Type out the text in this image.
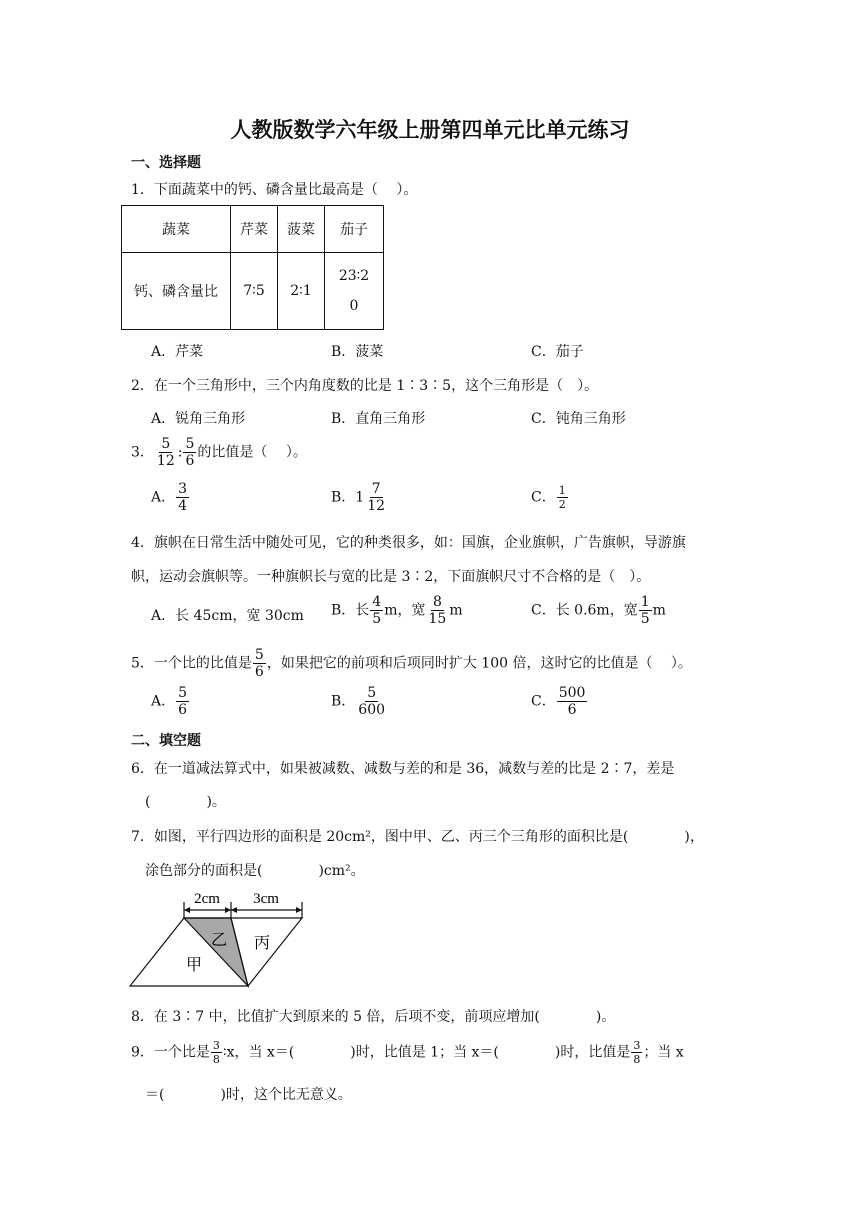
人教版数学六年级上册第四单元比单元练习
一、选择题
1．下面蔬菜中的钙、磷含量比最高是（　 ）。
蔬菜	芹菜	菠菜	茄子
钙、磷含量比	7∶5	2∶1	23∶2
0
A．芹菜	B．菠菜	C．茄子
2．在一个三角形中，三个内角度数的比是 1∶3∶5，这个三角形是（　）。
A．锐角三角形	B．直角三角形	C．钝角三角形
3． $\frac{5}{12}$ : $\frac{5}{6}$ 的比值是（　 ）。
A． $\frac{3}{4}$	B．$1 \frac{7}{12}$	C． $\frac{1}{2}$
4．旗帜在日常生活中随处可见，它的种类很多，如：国旗，企业旗帜，广告旗帜，导游旗
帜，运动会旗帜等。一种旗帜长与宽的比是 3∶2，下面旗帜尺寸不合格的是（　）。
A．长 45cm，宽 30cm B．长 $\frac{4}{5}$ m，宽 $\frac{8}{15}$ m	C．长 0.6m，宽 $\frac{1}{5}$ m
5．一个比的比值是 $\frac{5}{6}$ ，如果把它的前项和后项同时扩大 100 倍，这时它的比值是（　 ）。
A． $\frac{5}{6}$	B． $\frac{5}{600}$	C． $\frac{500}{6}$
二、填空题
6．在一道减法算式中，如果被减数、减数与差的和是 36，减数与差的比是 2∶7，差是
(　　　　)。
7．如图，平行四边形的面积是 20cm²，图中甲、乙、丙三个三角形的面积比是(　　　　)，
涂色部分的面积是(　　　　)cm²。
2cm 3cm
甲
乙 丙
8．在 3∶7 中，比值扩大到原来的 5 倍，后项不变，前项应增加(　　　　)。
9．一个比是 $\frac{3}{8}$ ∶x，当 x＝(　　　　)时，比值是 1；当 x＝(　　　　)时，比值是 $\frac{3}{8}$ ；当 x
＝(　　　　)时，这个比无意义。
